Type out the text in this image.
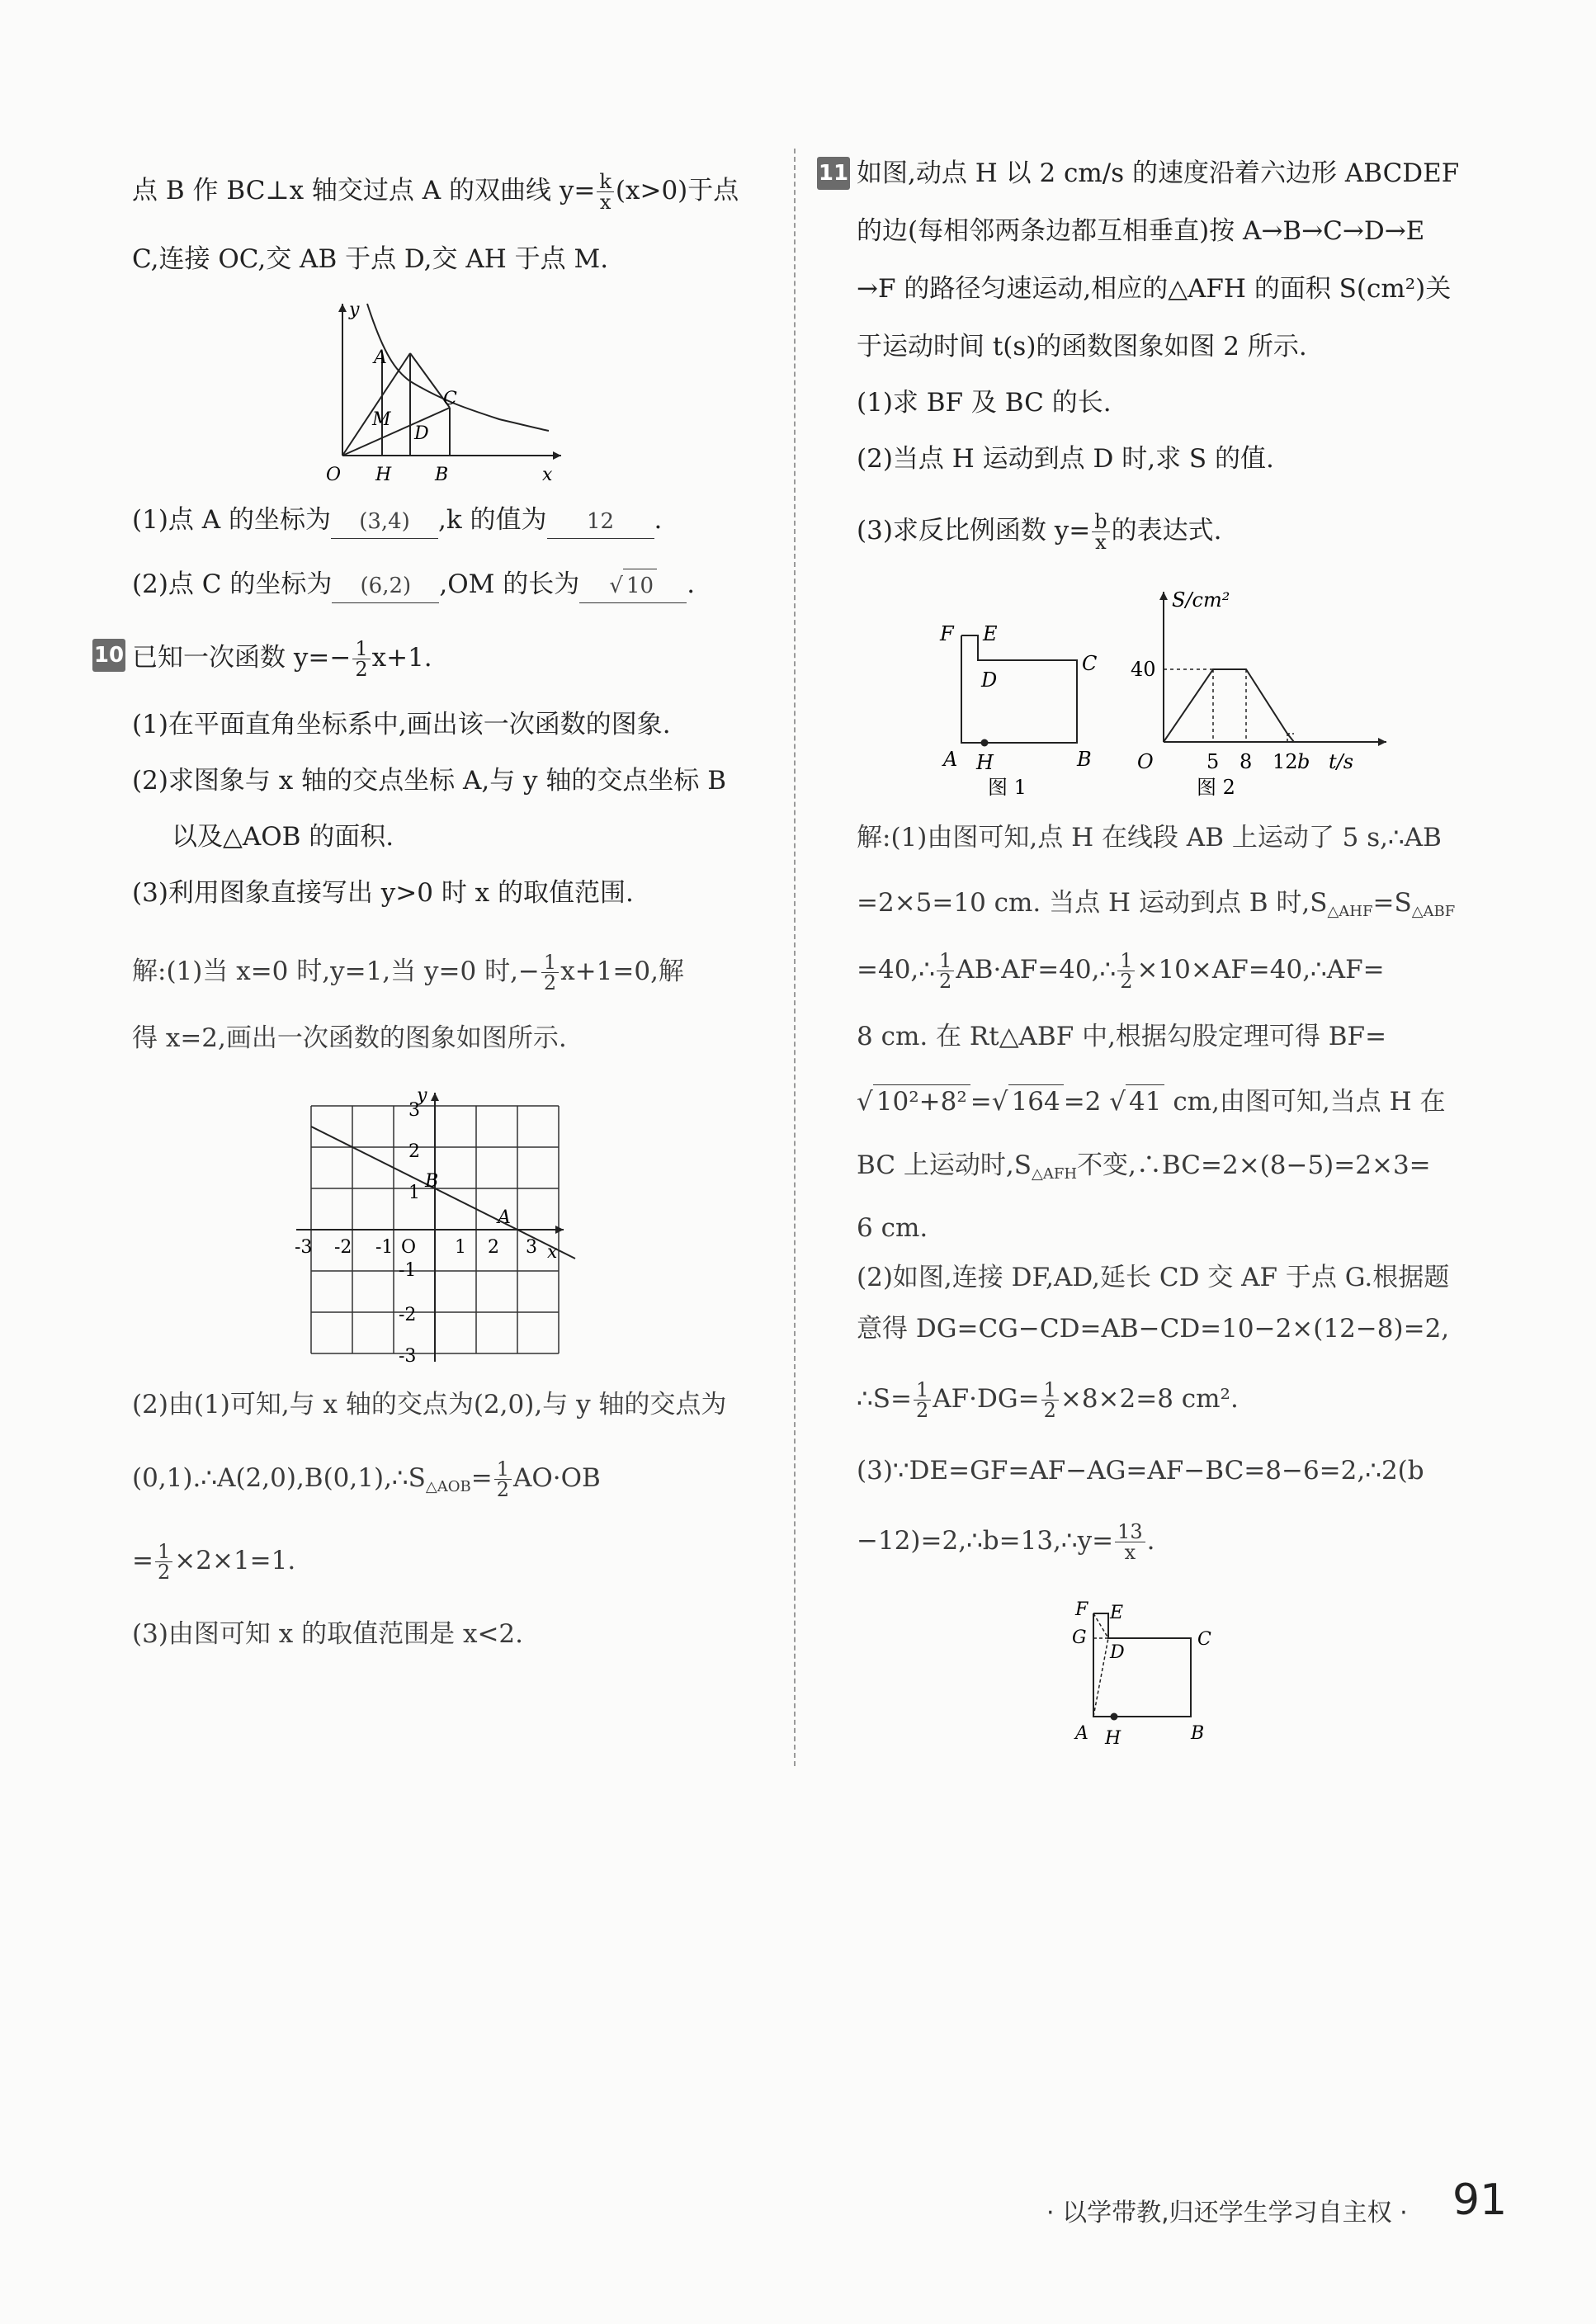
点 B 作 BC⊥x 轴交过点 A 的双曲线 $y= \frac{k}{x} (x>0)$于点
C,连接 OC,交 AB 于点 D,交 AH 于点 M.
y
x
O H B
A
M
D
C
(1)点 A 的坐标为 (3,4) ,k 的值为 12 .
(2)点 C 的坐标为 (6,2) ,OM 的长为 √ 10 .
10 已知一次函数 $y=- \frac{1}{2} x+1$.
(1)在平面直角坐标系中,画出该一次函数的图象.
(2)求图象与 x 轴的交点坐标 A,与 y 轴的交点坐标 B
以及△AOB 的面积.
(3)利用图象直接写出 y>0 时 x 的取值范围.
解:(1)当 x=0 时,y=1,当 y=0 时,− $\frac{1}{2} x+1=0$,解
得 x=2,画出一次函数的图象如图所示.
y
x
B
A
O
-3 -2 -1	1 2 3
3
2
1
-1
-2
-3
(2)由(1)可知,与 x 轴的交点为(2,0),与 y 轴的交点为
$(0,1).\therefore A(2,0),B(0,1),\therefore S_{\triangle AOB}= \frac{1}{2} AO\cdot OB$
= $\frac{1}{2} \times 2\times 1=1$.
(3)由图可知 x 的取值范围是 x<2.
11 如图,动点 H 以 2 cm/s 的速度沿着六边形 ABCDEF
的边(每相邻两条边都互相垂直)按 A→B→C→D→E
→F 的路径匀速运动,相应的△AFH 的面积 S(cm²)关
于运动时间 t(s)的函数图象如图 2 所示.
(1)求 BF 及 BC 的长.
(2)当点 H 运动到点 D 时,求 S 的值.
(3)求反比例函数 $y= \frac{b}{x}$ 的表达式.
F E
D
C
A H	B
图 1
S/cm²
40
O	5 8 12 b t/s
图 2
解:(1)由图可知,点 H 在线段 AB 上运动了 5 s,∴AB
=2×5=10 cm. 当点 H 运动到点 B 时$,S_{\triangle AHF}=S_{\triangle ABF}$
=40,∴ $\frac{1}{2}$ AB·AF=40,∴ $\frac{1}{2}$ ×10×AF=40,∴AF=
8 cm. 在 Rt△ABF 中,根据勾股定理可得 BF=
√ 10²+8² =√ 164 =2 √ 41 cm,由图可知,当点 H 在
BC 上运动时$,S_{\triangle AFH}$不变,∴BC=2×(8−5)=2×3=
6 cm.
(2)如图,连接 DF,AD,延长 CD 交 AF 于点 G.根据题
意得 DG=CG−CD=AB−CD=10−2×(12−8)=2,
∴S= $\frac{1}{2} AF\cdot DG= \frac{1}{2} \times 8\times 2=8$ cm².
(3)∵DE=GF=AF−AG=AF−BC=8−6=2,∴2(b
−12)=2,∴b=13,∴y= $\frac{13}{x}$ .
F E
G
D
C
A H	B
· 以学带教,归还学生学习自主权 · 91
